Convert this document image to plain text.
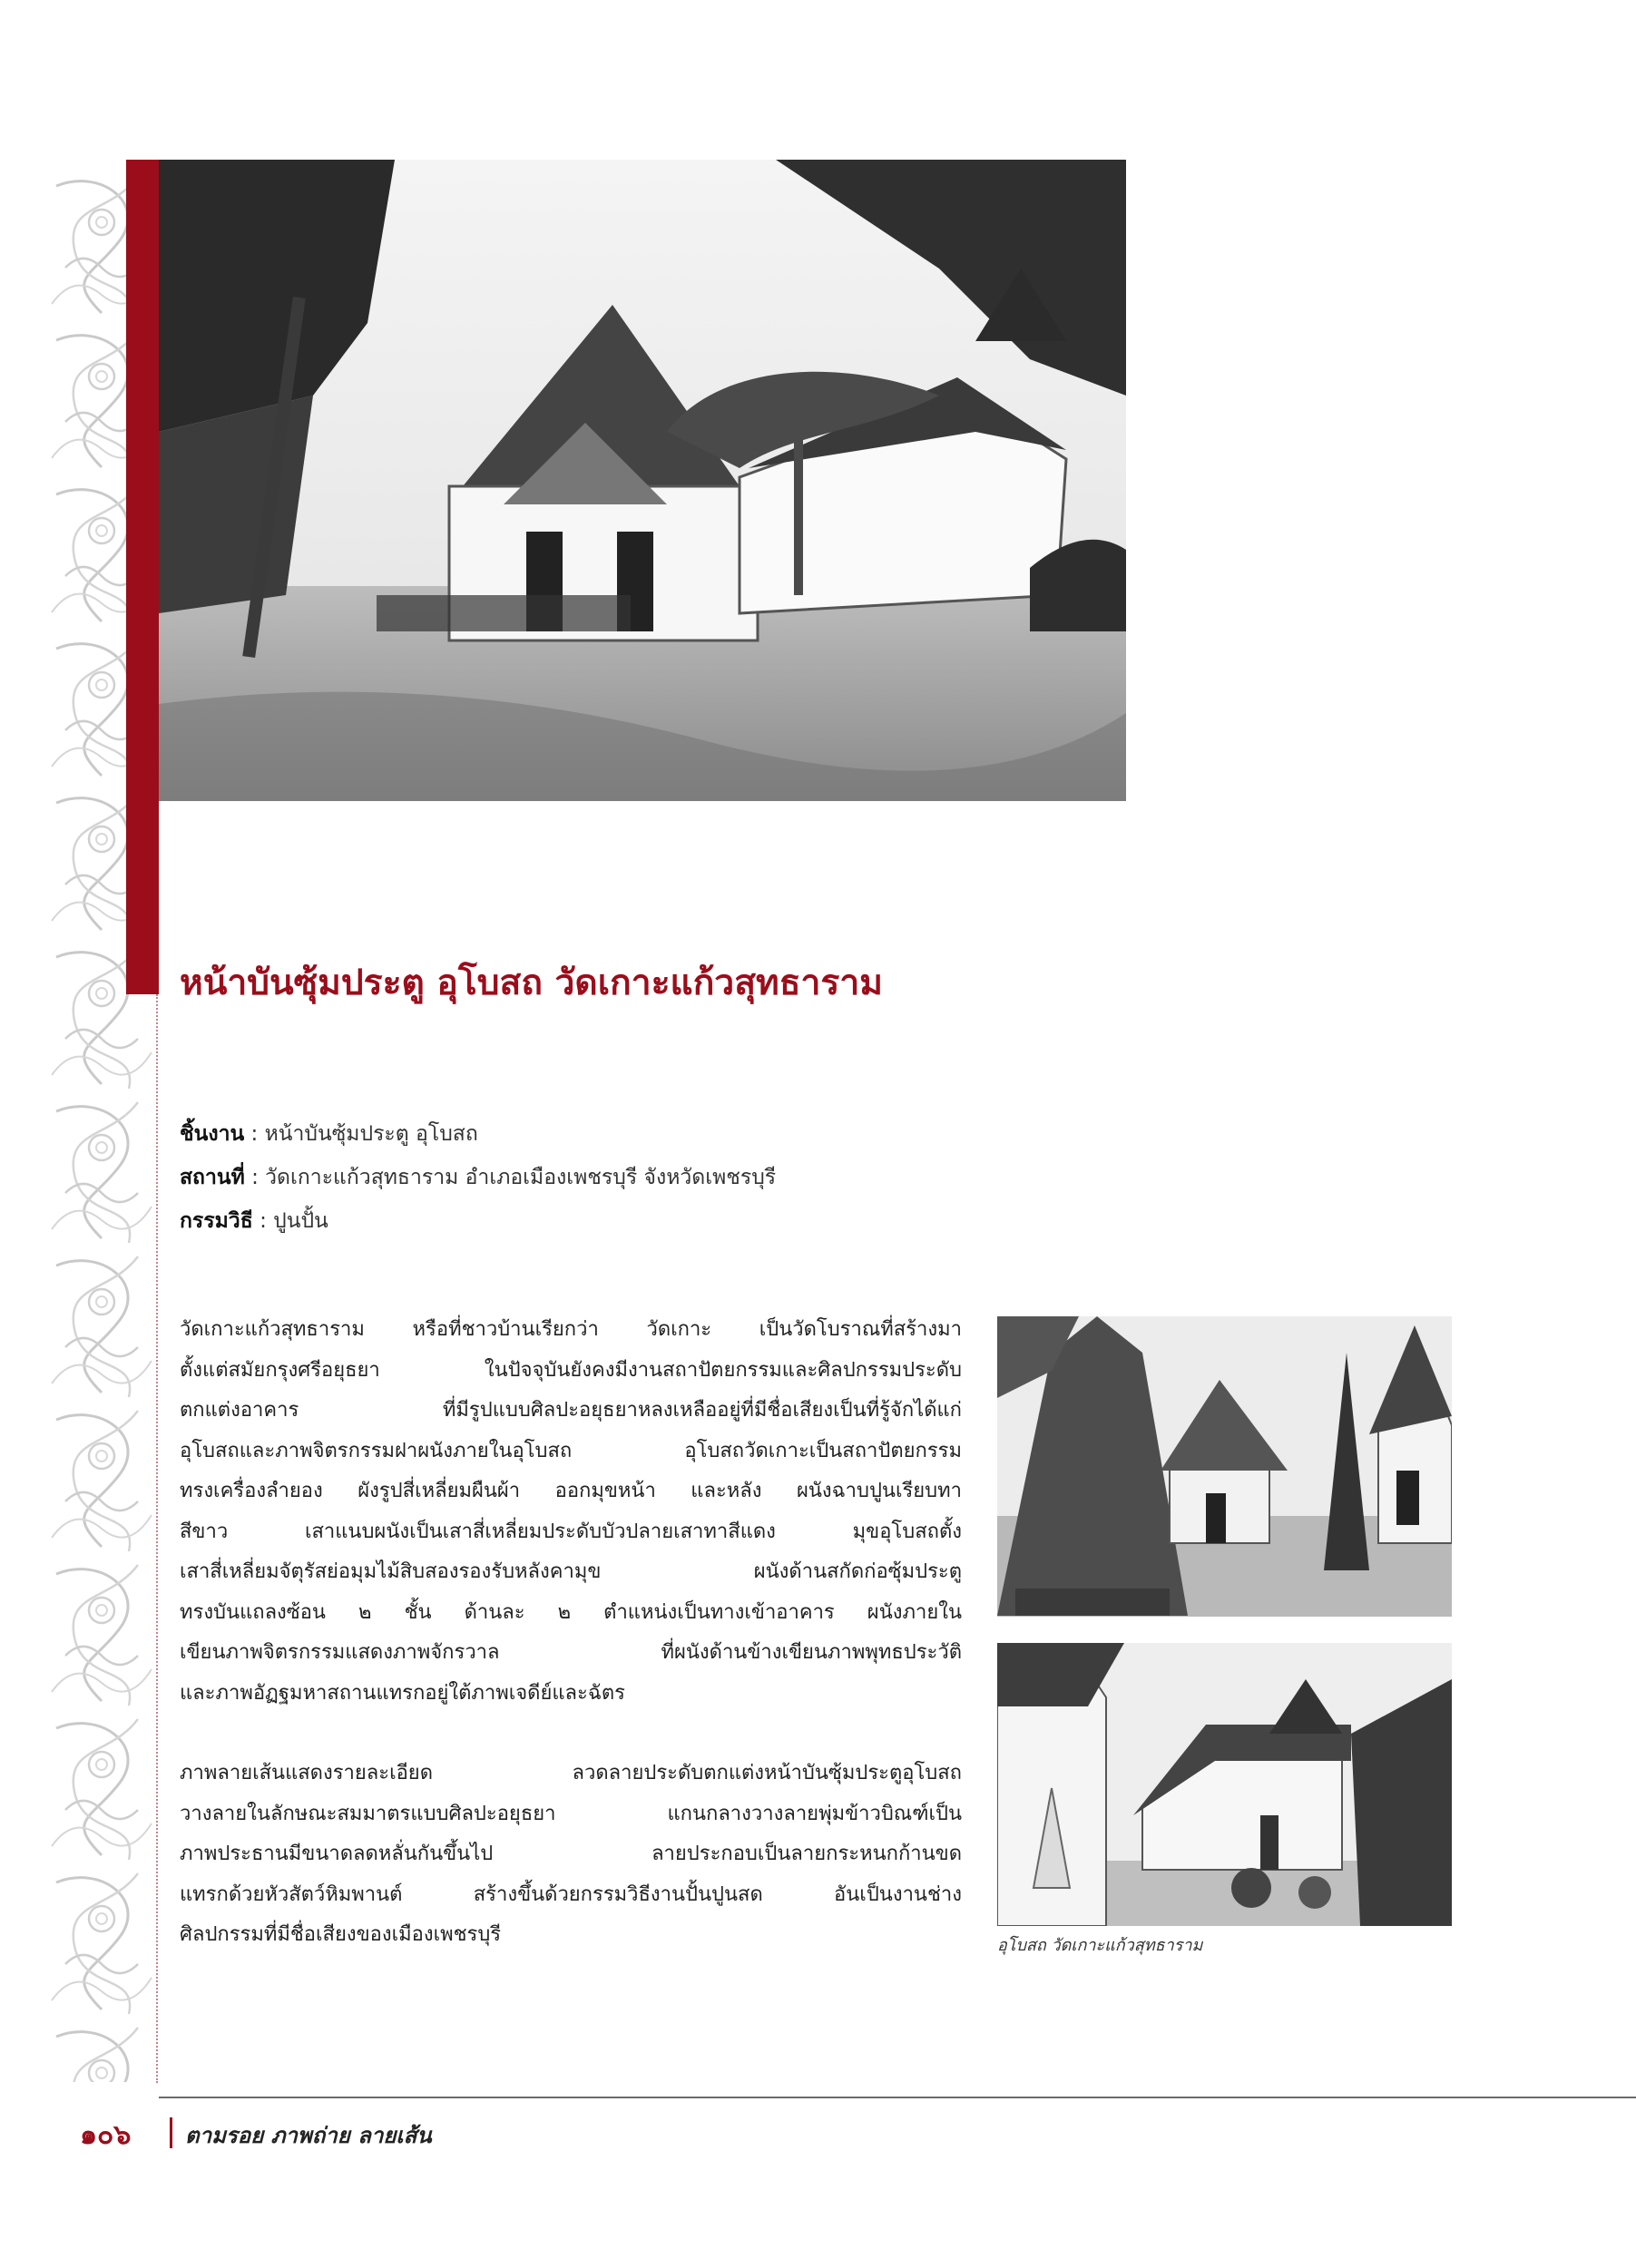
หน้าบันซุ้มประตู อุโบสถ วัดเกาะแก้วสุทธาราม
ชิ้นงาน : หน้าบันซุ้มประตู อุโบสถ
สถานที่ : วัดเกาะแก้วสุทธาราม อำเภอเมืองเพชรบุรี จังหวัดเพชรบุรี
กรรมวิธี : ปูนปั้น
วัดเกาะแก้วสุทธาราม หรือที่ชาวบ้านเรียกว่า วัดเกาะ เป็นวัดโบราณที่สร้างมา
ตั้งแต่สมัยกรุงศรีอยุธยา ในปัจจุบันยังคงมีงานสถาปัตยกรรมและศิลปกรรมประดับ
ตกแต่งอาคาร ที่มีรูปแบบศิลปะอยุธยาหลงเหลืออยู่ที่มีชื่อเสียงเป็นที่รู้จักได้แก่
อุโบสถและภาพจิตรกรรมฝาผนังภายในอุโบสถ อุโบสถวัดเกาะเป็นสถาปัตยกรรม
ทรงเครื่องลำยอง ผังรูปสี่เหลี่ยมผืนผ้า ออกมุขหน้า และหลัง ผนังฉาบปูนเรียบทา
สีขาว เสาแนบผนังเป็นเสาสี่เหลี่ยมประดับบัวปลายเสาทาสีแดง มุขอุโบสถตั้ง
เสาสี่เหลี่ยมจัตุรัสย่อมุมไม้สิบสองรองรับหลังคามุข ผนังด้านสกัดก่อซุ้มประตู
ทรงบันแถลงซ้อน ๒ ชั้น ด้านละ ๒ ตำแหน่งเป็นทางเข้าอาคาร ผนังภายใน
เขียนภาพจิตรกรรมแสดงภาพจักรวาล ที่ผนังด้านข้างเขียนภาพพุทธประวัติ
และภาพอัฏฐมหาสถานแทรกอยู่ใต้ภาพเจดีย์และฉัตร
ภาพลายเส้นแสดงรายละเอียด ลวดลายประดับตกแต่งหน้าบันซุ้มประตูอุโบสถ
วางลายในลักษณะสมมาตรแบบศิลปะอยุธยา แกนกลางวางลายพุ่มข้าวบิณฑ์เป็น
ภาพประธานมีขนาดลดหลั่นกันขึ้นไป ลายประกอบเป็นลายกระหนกก้านขด
แทรกด้วยหัวสัตว์หิมพานต์ สร้างขึ้นด้วยกรรมวิธีงานปั้นปูนสด อันเป็นงานช่าง
ศิลปกรรมที่มีชื่อเสียงของเมืองเพชรบุรี	อุโบสถ วัดเกาะแก้วสุทธาราม
๑๐๖ ตามรอย ภาพถ่าย ลายเส้น
